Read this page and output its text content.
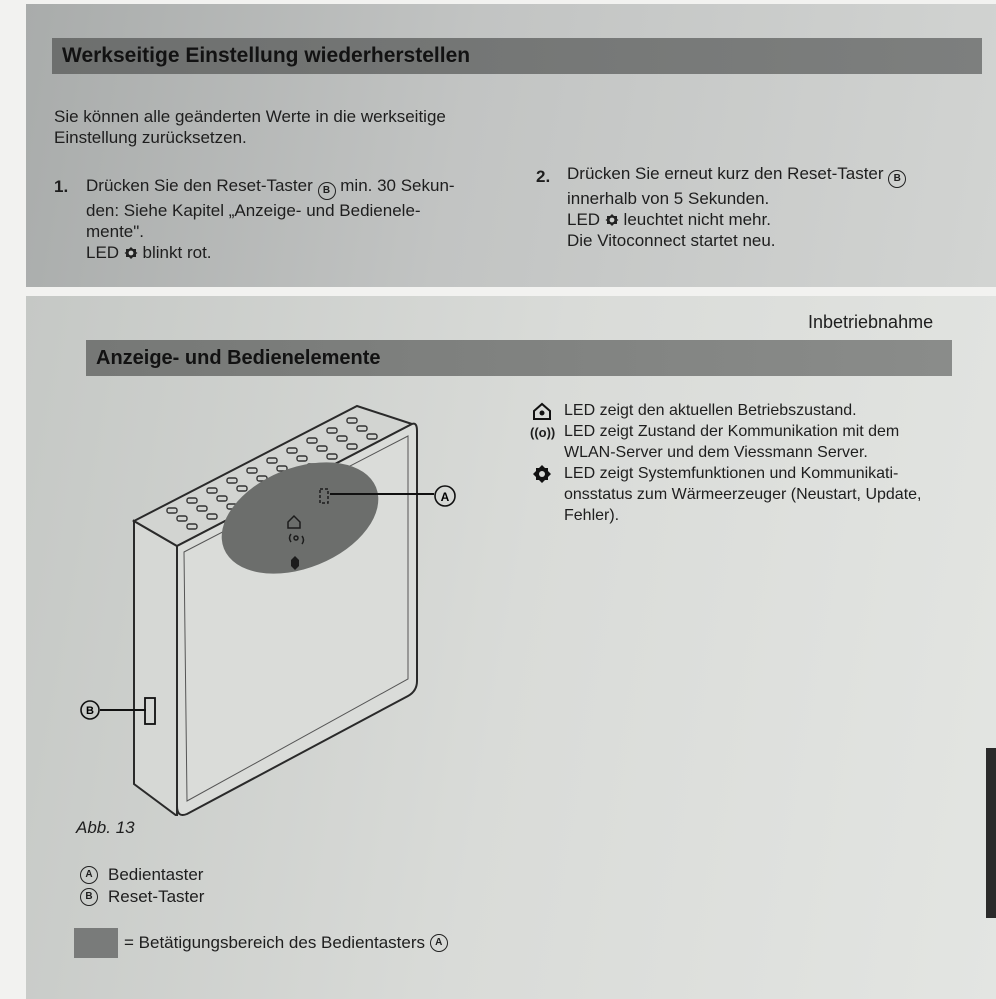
Werkseitige Einstellung wiederherstellen
Sie können alle geänderten Werte in die werkseitige
Einstellung zurücksetzen.
1. Drücken Sie den Reset-Taster B min. 30 Sekun-
den: Siehe Kapitel „Anzeige- und Bedienele-
mente".
LED blinkt rot.
2. Drücken Sie erneut kurz den Reset-Taster B
innerhalb von 5 Sekunden.
LED leuchtet nicht mehr.
Die Vitoconnect startet neu.
Inbetriebnahme
Anzeige- und Bedienelemente
A
B
LED zeigt den aktuellen Betriebszustand.
((o)) LED zeigt Zustand der Kommunikation mit dem
WLAN-Server und dem Viessmann Server.
LED zeigt Systemfunktionen und Kommunikati-
onsstatus zum Wärmeerzeuger (Neustart, Update,
Fehler).
Abb. 13
A Bedientaster
B Reset-Taster
= Betätigungsbereich des Bedientasters
	A
